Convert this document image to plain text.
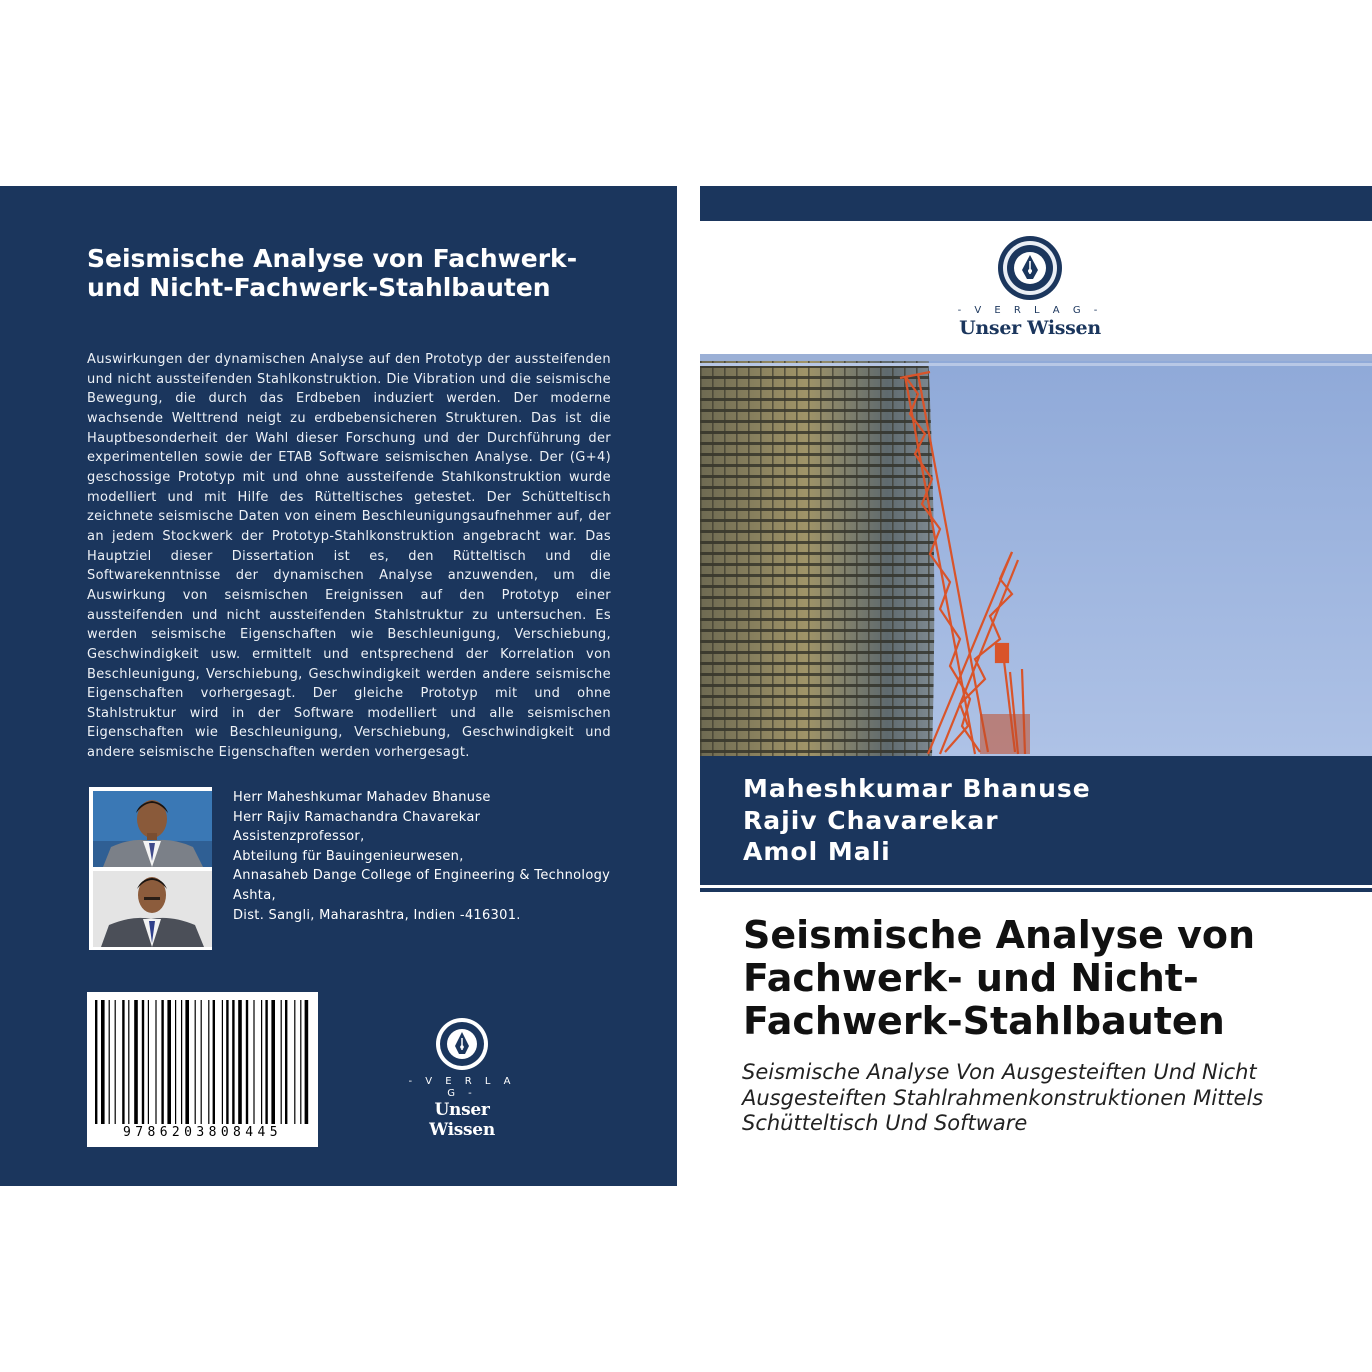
Seismische Analyse von Fachwerk- und Nicht-Fachwerk-Stahlbauten

Auswirkungen der dynamischen Analyse auf den Prototyp der aussteifenden und nicht aussteifenden Stahlkonstruktion. Die Vibration und die seismische Bewegung, die durch das Erdbeben induziert werden. Der moderne wachsende Welttrend neigt zu erdbebensicheren Strukturen. Das ist die Hauptbesonderheit der Wahl dieser Forschung und der Durchführung der experimentellen sowie der ETAB Software seismischen Analyse. Der (G+4) geschossige Prototyp mit und ohne aussteifende Stahlkonstruktion wurde modelliert und mit Hilfe des Rütteltisches getestet. Der Schütteltisch zeichnete seismische Daten von einem Beschleunigungsaufnehmer auf, der an jedem Stockwerk der Prototyp-Stahlkonstruktion angebracht war. Das Hauptziel dieser Dissertation ist es, den Rütteltisch und die Softwarekenntnisse der dynamischen Analyse anzuwenden, um die Auswirkung von seismischen Ereignissen auf den Prototyp einer aussteifenden und nicht aussteifenden Stahlstruktur zu untersuchen. Es werden seismische Eigenschaften wie Beschleunigung, Verschiebung, Geschwindigkeit usw. ermittelt und entsprechend der Korrelation von Beschleunigung, Verschiebung, Geschwindigkeit werden andere seismische Eigenschaften vorhergesagt. Der gleiche Prototyp mit und ohne Stahlstruktur wird in der Software modelliert und alle seismischen Eigenschaften wie Beschleunigung, Verschiebung, Geschwindigkeit und andere seismische Eigenschaften werden vorhergesagt.

Herr Maheshkumar Mahadev Bhanuse
Herr Rajiv Ramachandra Chavarekar
Assistenzprofessor,
Abteilung für Bauingenieurwesen,
Annasaheb Dange College of Engineering & Technology
Ashta,
Dist. Sangli, Maharashtra, Indien -416301.
9786203808445
- V E R L A G -
Unser Wissen
- V E R L A G -
Unser Wissen
Maheshkumar Bhanuse
Rajiv Chavarekar
Amol Mali
Seismische Analyse von Fachwerk- und Nicht-Fachwerk-Stahlbauten

Seismische Analyse Von Ausgesteiften Und Nicht Ausgesteiften Stahlrahmenkonstruktionen Mittels Schütteltisch Und Software
